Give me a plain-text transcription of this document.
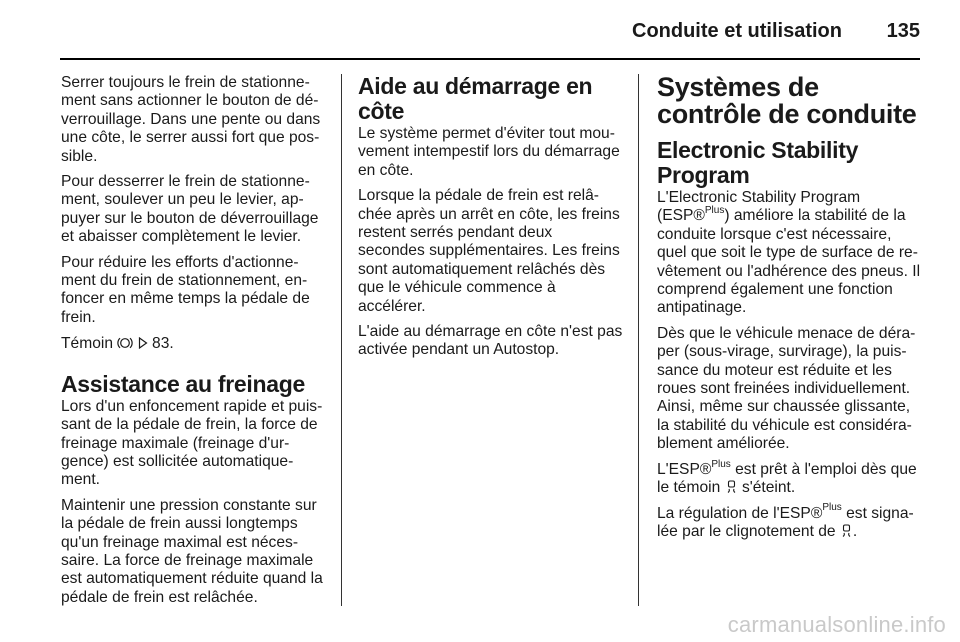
Conduite et utilisation 135

Serrer toujours le frein de stationnement sans actionner le bouton de déverrouillage. Dans une pente ou dans une côte, le serrer aussi fort que possible.

Pour desserrer le frein de stationnement, soulever un peu le levier, appuyer sur le bouton de déverrouillage et abaisser complètement le levier.

Pour réduire les efforts d'actionnement du frein de stationnement, enfoncer en même temps la pédale de frein.

Témoin	83.

Assistance au freinage

Lors d'un enfoncement rapide et puissant de la pédale de frein, la force de freinage maximale (freinage d'urgence) est sollicitée automatiquement.

Maintenir une pression constante sur la pédale de frein aussi longtemps qu'un freinage maximal est nécessaire. La force de freinage maximale est automatiquement réduite quand la pédale de frein est relâchée.

Aide au démarrage en côte

Le système permet d'éviter tout mouvement intempestif lors du démarrage en côte.

Lorsque la pédale de frein est relâchée après un arrêt en côte, les freins restent serrés pendant deux secondes supplémentaires. Les freins sont automatiquement relâchés dès que le véhicule commence à accélérer.

L'aide au démarrage en côte n'est pas activée pendant un Autostop.

Systèmes de contrôle de conduite
Electronic Stability Program

L'Electronic Stability Program (ESP®$^{Plus}$) améliore la stabilité de la conduite lorsque c'est nécessaire, quel que soit le type de surface de revêtement ou l'adhérence des pneus. Il comprend également une fonction antipatinage.

Dès que le véhicule menace de déraper (sous-virage, survirage), la puissance du moteur est réduite et les roues sont freinées individuellement. Ainsi, même sur chaussée glissante, la stabilité du véhicule est considérablement améliorée.

L'ESP®$^{Plus}$ est prêt à l'emploi dès que le témoin s'éteint.

La régulation de l'ESP®$^{Plus}$ est signalée par le clignotement de .

carmanualsonline.info
